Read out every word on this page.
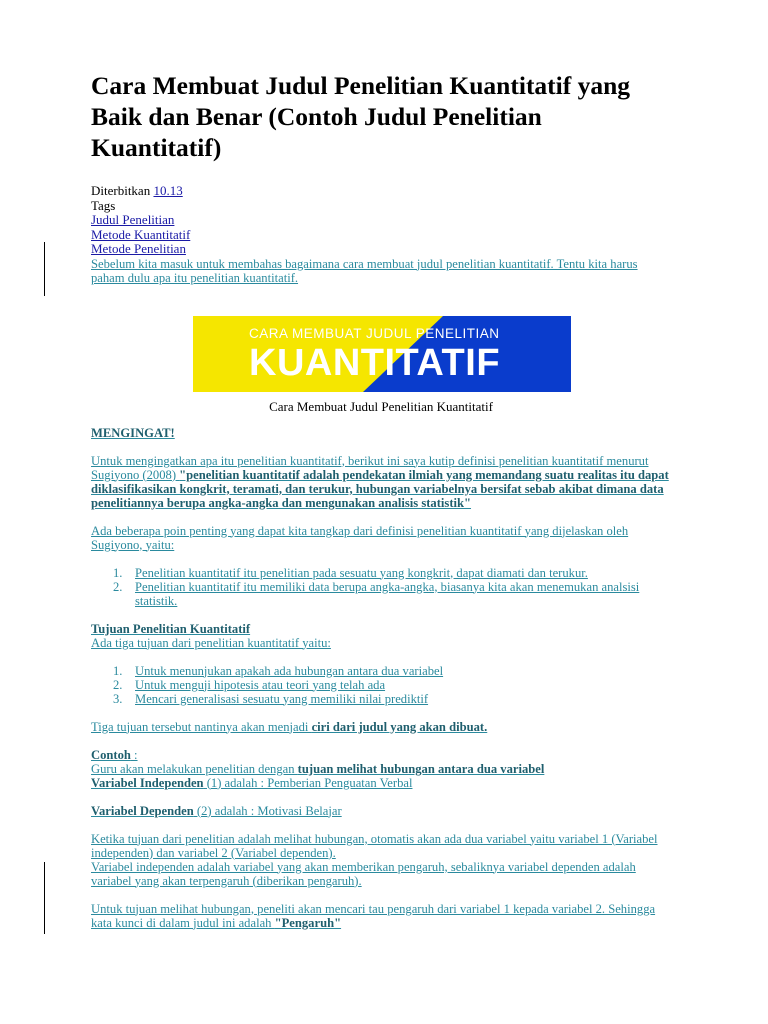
Cara Membuat Judul Penelitian Kuantitatif yang Baik dan Benar (Contoh Judul Penelitian Kuantitatif)
Diterbitkan 10.13
Tags
Judul Penelitian
Metode Kuantitatif
Metode Penelitian

Sebelum kita masuk untuk membahas bagaimana cara membuat judul penelitian kuantitatif. Tentu kita harus paham dulu apa itu penelitian kuantitatif.

CARA MEMBUAT JUDUL PENELITIAN
KUANTITATIF
Cara Membuat Judul Penelitian Kuantitatif

MENGINGAT!

Untuk mengingatkan apa itu penelitian kuantitatif, berikut ini saya kutip definisi penelitian kuantitatif menurut Sugiyono (2008) "penelitian kuantitatif adalah pendekatan ilmiah yang memandang suatu realitas itu dapat diklasifikasikan kongkrit, teramati, dan terukur, hubungan variabelnya bersifat sebab akibat dimana data penelitiannya berupa angka-angka dan mengunakan analisis statistik"

Ada beberapa poin penting yang dapat kita tangkap dari definisi penelitian kuantitatif yang dijelaskan oleh Sugiyono, yaitu:

1. Penelitian kuantitatif itu penelitian pada sesuatu yang kongkrit, dapat diamati dan terukur.
2. Penelitian kuantitatif itu memiliki data berupa angka-angka, biasanya kita akan menemukan analsisi statistik.

Tujuan Penelitian Kuantitatif

Ada tiga tujuan dari penelitian kuantitatif yaitu:

1. Untuk menunjukan apakah ada hubungan antara dua variabel
2. Untuk menguji hipotesis atau teori yang telah ada
3. Mencari generalisasi sesuatu yang memiliki nilai prediktif

Tiga tujuan tersebut nantinya akan menjadi ciri dari judul yang akan dibuat.

Contoh :

Guru akan melakukan penelitian dengan tujuan melihat hubungan antara dua variabel

Variabel Independen (1) adalah : Pemberian Penguatan Verbal

Variabel Dependen (2) adalah : Motivasi Belajar

Ketika tujuan dari penelitian adalah melihat hubungan, otomatis akan ada dua variabel yaitu variabel 1 (Variabel independen) dan variabel 2 (Variabel dependen).

Variabel independen adalah variabel yang akan memberikan pengaruh, sebaliknya variabel dependen adalah variabel yang akan terpengaruh (diberikan pengaruh).

Untuk tujuan melihat hubungan, peneliti akan mencari tau pengaruh dari variabel 1 kepada variabel 2. Sehingga kata kunci di dalam judul ini adalah "Pengaruh"
